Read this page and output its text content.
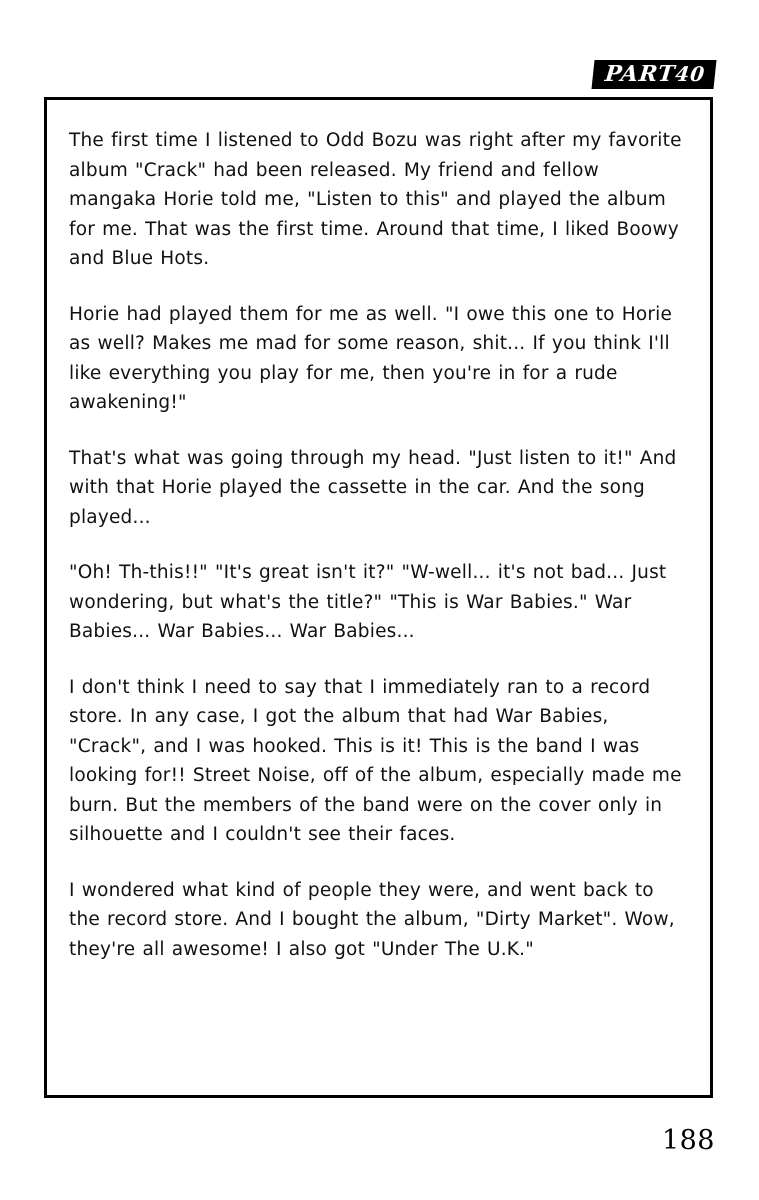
PART40

The first time I listened to Odd Bozu was right after my favorite album "Crack" had been released. My friend and fellow mangaka Horie told me, "Listen to this" and played the album for me. That was the first time. Around that time, I liked Boowy and Blue Hots.

Horie had played them for me as well. "I owe this one to Horie as well? Makes me mad for some reason, shit... If you think I'll like everything you play for me, then you're in for a rude awakening!"

That's what was going through my head. "Just listen to it!" And with that Horie played the cassette in the car. And the song played...

"Oh! Th-this!!" "It's great isn't it?" "W-well... it's not bad... Just wondering, but what's the title?" "This is War Babies." War Babies... War Babies... War Babies...

I don't think I need to say that I immediately ran to a record store. In any case, I got the album that had War Babies, "Crack", and I was hooked. This is it! This is the band I was looking for!! Street Noise, off of the album, especially made me burn. But the members of the band were on the cover only in silhouette and I couldn't see their faces.

I wondered what kind of people they were, and went back to the record store. And I bought the album, "Dirty Market". Wow, they're all awesome! I also got "Under The U.K."

188
